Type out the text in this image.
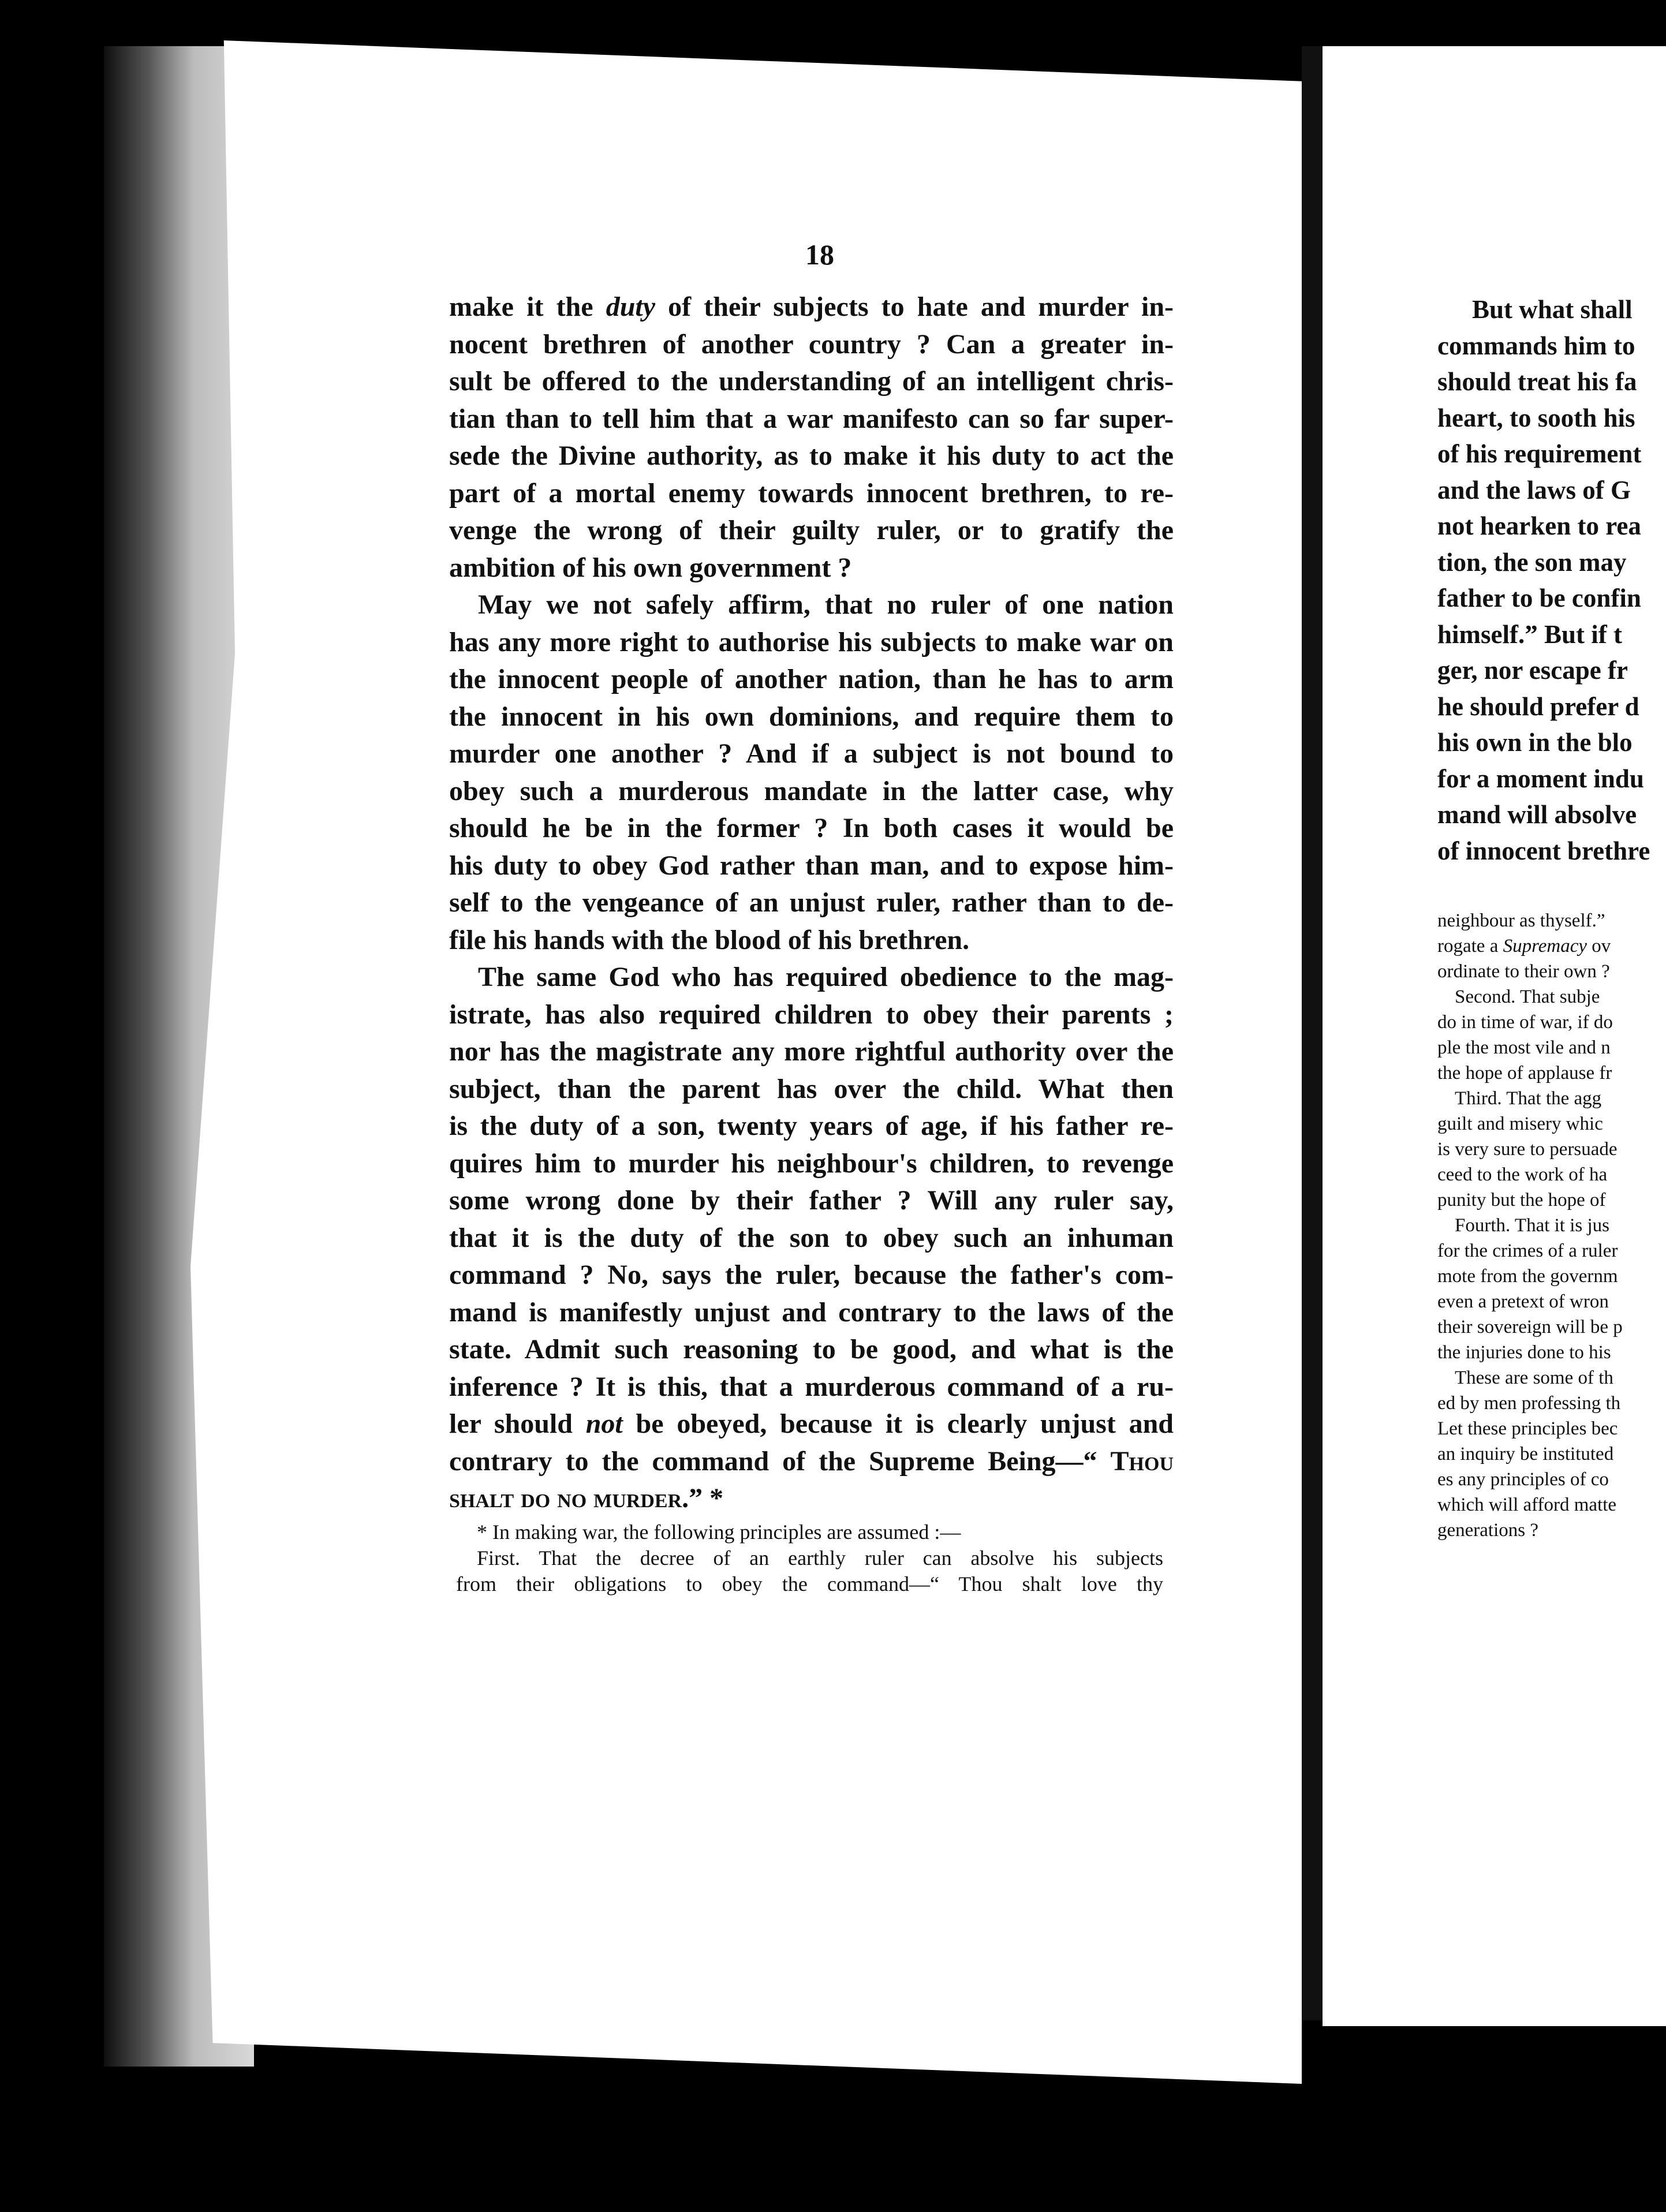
18

make it the duty of their subjects to hate and murder in-

nocent brethren of another country ? Can a greater in-

sult be offered to the understanding of an intelligent chris-

tian than to tell him that a war manifesto can so far super-

sede the Divine authority, as to make it his duty to act the

part of a mortal enemy towards innocent brethren, to re-

venge the wrong of their guilty ruler, or to gratify the

ambition of his own government ?

May we not safely affirm, that no ruler of one nation

has any more right to authorise his subjects to make war on

the innocent people of another nation, than he has to arm

the innocent in his own dominions, and require them to

murder one another ? And if a subject is not bound to

obey such a murderous mandate in the latter case, why

should he be in the former ? In both cases it would be

his duty to obey God rather than man, and to expose him-

self to the vengeance of an unjust ruler, rather than to de-

file his hands with the blood of his brethren.

The same God who has required obedience to the mag-

istrate, has also required children to obey their parents ;

nor has the magistrate any more rightful authority over the

subject, than the parent has over the child. What then

is the duty of a son, twenty years of age, if his father re-

quires him to murder his neighbour's children, to revenge

some wrong done by their father ? Will any ruler say,

that it is the duty of the son to obey such an inhuman

command ? No, says the ruler, because the father's com-

mand is manifestly unjust and contrary to the laws of the

state. Admit such reasoning to be good, and what is the

inference ? It is this, that a murderous command of a ru-

ler should not be obeyed, because it is clearly unjust and

contrary to the command of the Supreme Being—“ Thou

shalt do no murder.” *

* In making war, the following principles are assumed :—

First. That the decree of an earthly ruler can absolve his subjects

from their obligations to obey the command—“ Thou shalt love thy

But what shall
commands him to
should treat his fa
heart, to sooth his
of his requirement
and the laws of G
not hearken to rea
tion, the son may
father to be confin
himself.” But if t
ger, nor escape fr
he should prefer d
his own in the blo
for a moment indu
mand will absolve
of innocent brethre
neighbour as thyself.”
rogate a Supremacy ov
ordinate to their own ?
Second. That subje
do in time of war, if do
ple the most vile and n
the hope of applause fr
Third. That the agg
guilt and misery whic
is very sure to persuade
ceed to the work of ha
punity but the hope of
Fourth. That it is jus
for the crimes of a ruler
mote from the governm
even a pretext of wron
their sovereign will be p
the injuries done to his
These are some of th
ed by men professing th
Let these principles bec
an inquiry be instituted
es any principles of co
which will afford matte
generations ?
